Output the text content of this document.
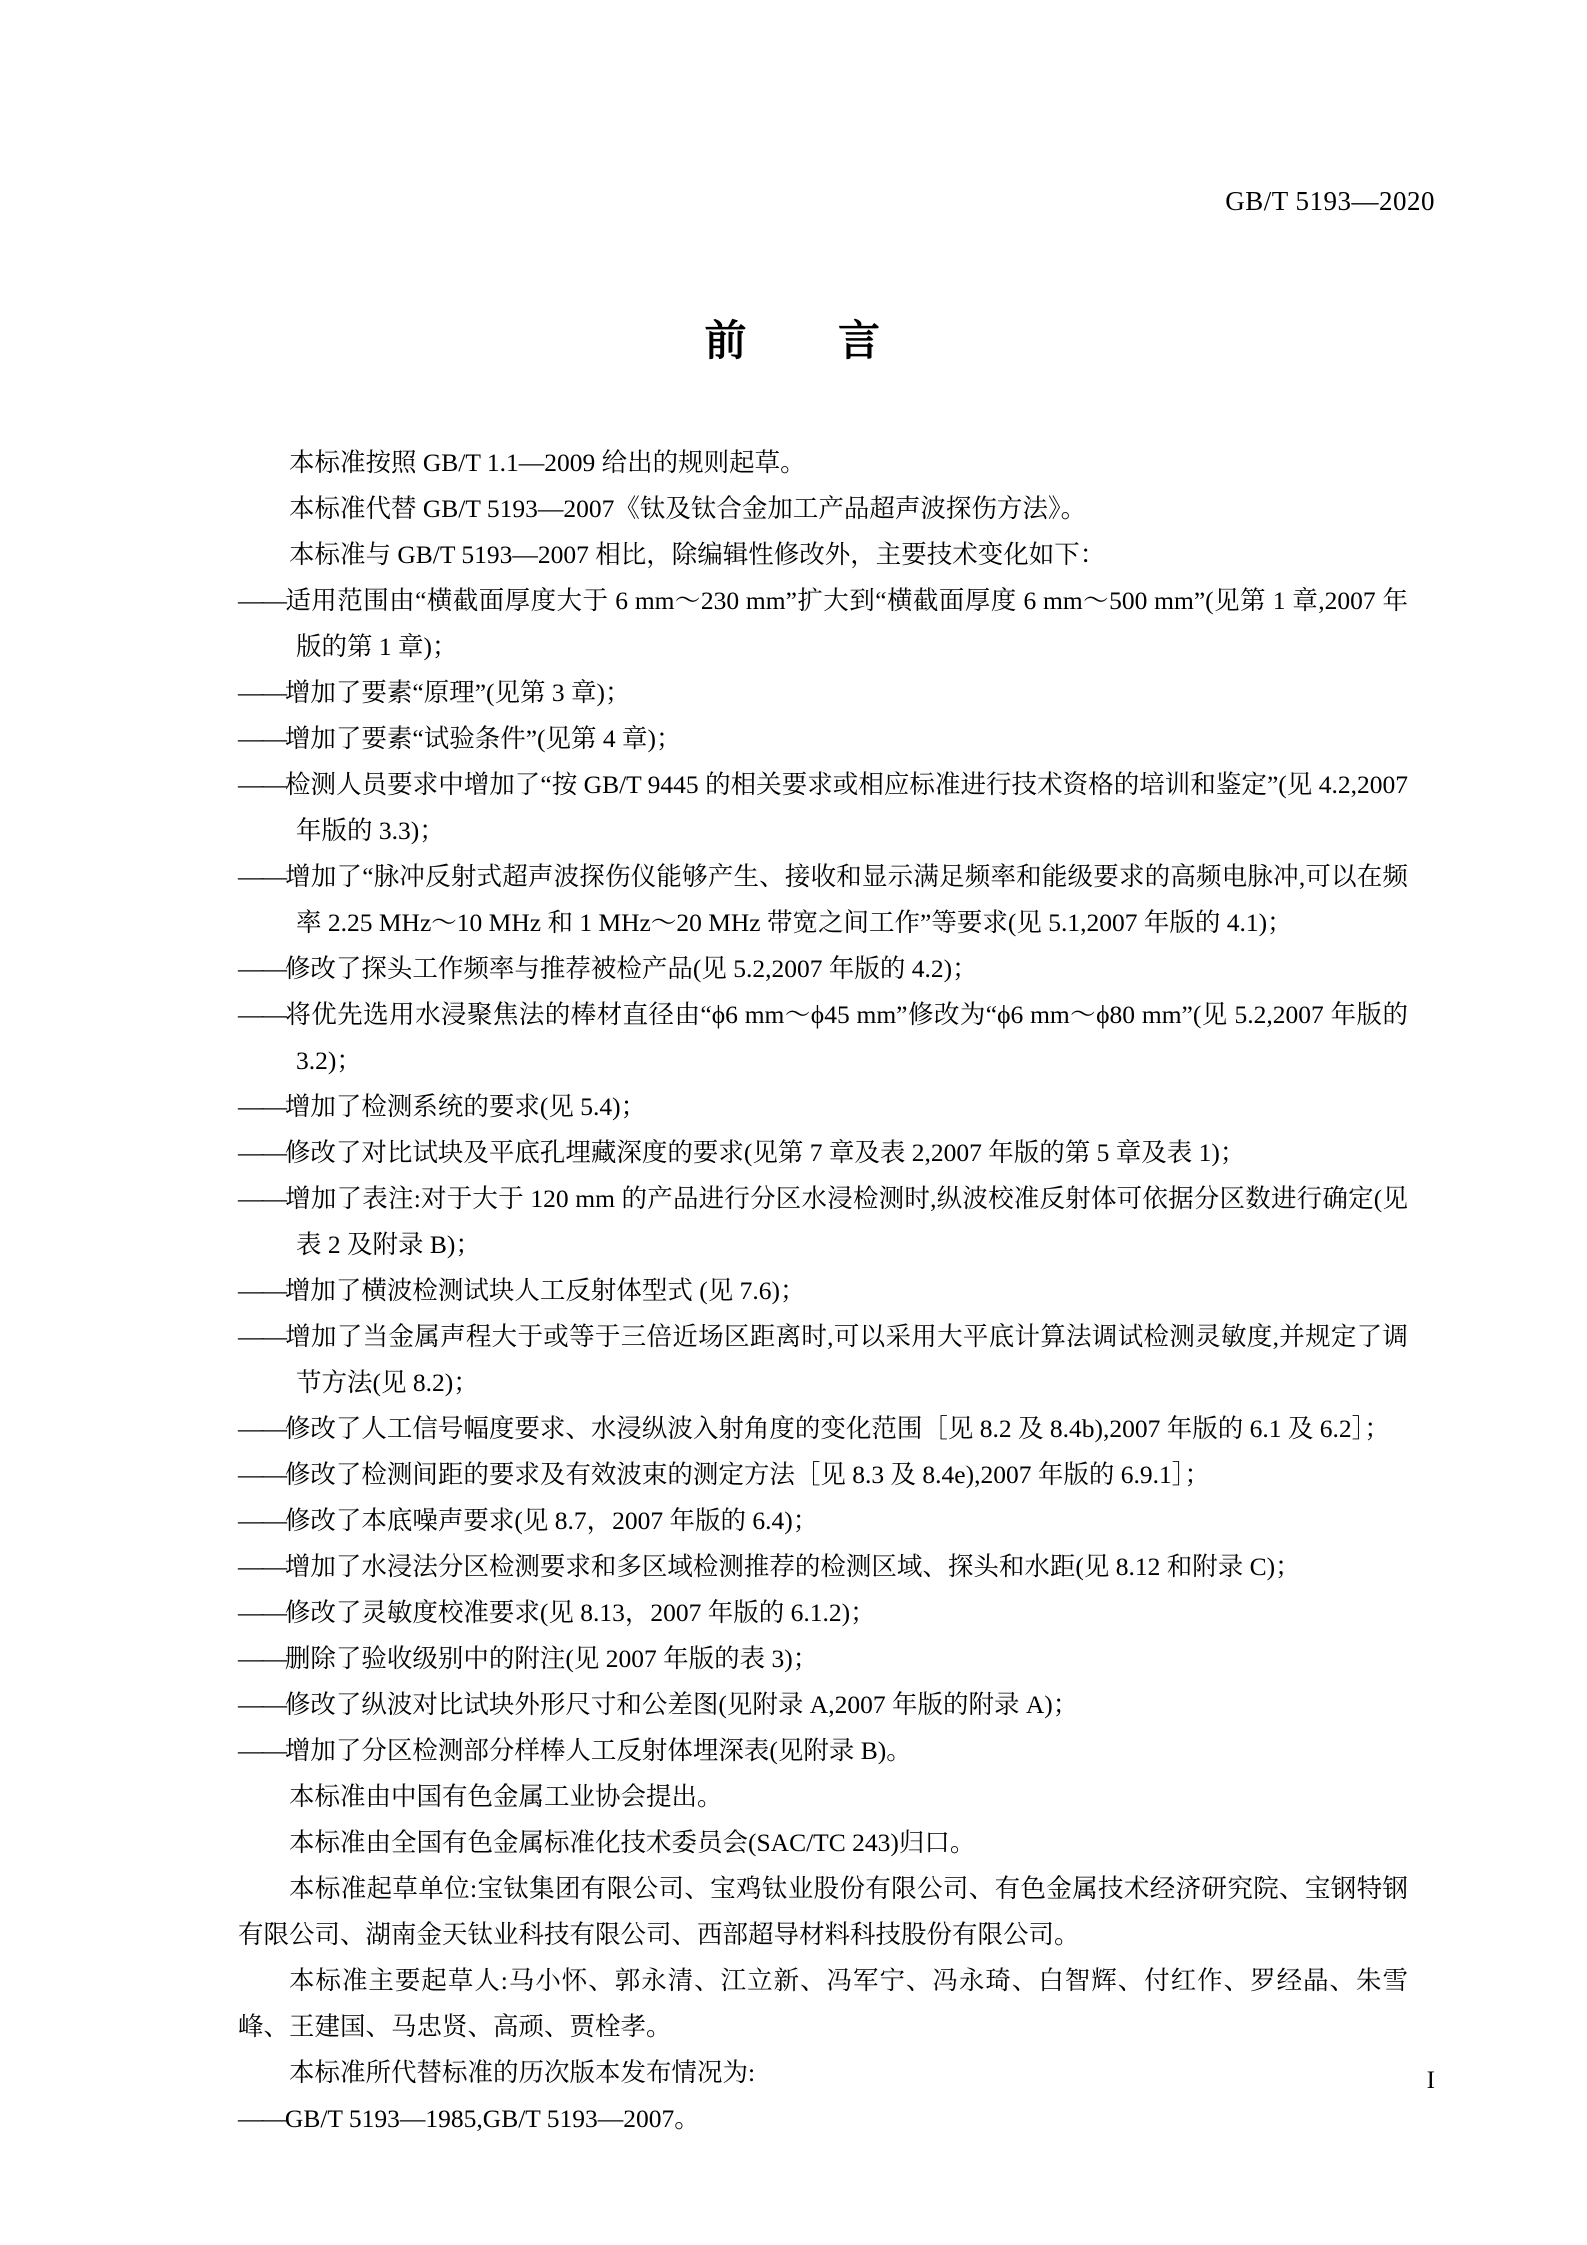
GB/T 5193—2020
前　　言

本标准按照 GB/T 1.1—2009 给出的规则起草。

本标准代替 GB/T 5193—2007《钛及钛合金加工产品超声波探伤方法》。

本标准与 GB/T 5193—2007 相比，除编辑性修改外，主要技术变化如下：

——适用范围由“横截面厚度大于 6 mm～230 mm”扩大到“横截面厚度 6 mm～500 mm”(见第 1 章,2007 年版的第 1 章)；

——增加了要素“原理”(见第 3 章)；

——增加了要素“试验条件”(见第 4 章)；

——检测人员要求中增加了“按 GB/T 9445 的相关要求或相应标准进行技术资格的培训和鉴定”(见 4.2,2007 年版的 3.3)；

——增加了“脉冲反射式超声波探伤仪能够产生、接收和显示满足频率和能级要求的高频电脉冲,可以在频率 2.25 MHz～10 MHz 和 1 MHz～20 MHz 带宽之间工作”等要求(见 5.1,2007 年版的 4.1)；

——修改了探头工作频率与推荐被检产品(见 5.2,2007 年版的 4.2)；

——将优先选用水浸聚焦法的棒材直径由“ϕ6 mm～ϕ45 mm”修改为“ϕ6 mm～ϕ80 mm”(见 5.2,2007 年版的 3.2)；

——增加了检测系统的要求(见 5.4)；

——修改了对比试块及平底孔埋藏深度的要求(见第 7 章及表 2,2007 年版的第 5 章及表 1)；

——增加了表注:对于大于 120 mm 的产品进行分区水浸检测时,纵波校准反射体可依据分区数进行确定(见表 2 及附录 B)；

——增加了横波检测试块人工反射体型式 (见 7.6)；

——增加了当金属声程大于或等于三倍近场区距离时,可以采用大平底计算法调试检测灵敏度,并规定了调节方法(见 8.2)；

——修改了人工信号幅度要求、水浸纵波入射角度的变化范围［见 8.2 及 8.4b),2007 年版的 6.1 及 6.2］；

——修改了检测间距的要求及有效波束的测定方法［见 8.3 及 8.4e),2007 年版的 6.9.1］；

——修改了本底噪声要求(见 8.7，2007 年版的 6.4)；

——增加了水浸法分区检测要求和多区域检测推荐的检测区域、探头和水距(见 8.12 和附录 C)；

——修改了灵敏度校准要求(见 8.13，2007 年版的 6.1.2)；

——删除了验收级别中的附注(见 2007 年版的表 3)；

——修改了纵波对比试块外形尺寸和公差图(见附录 A,2007 年版的附录 A)；

——增加了分区检测部分样棒人工反射体埋深表(见附录 B)。

本标准由中国有色金属工业协会提出。

本标准由全国有色金属标准化技术委员会(SAC/TC 243)归口。

本标准起草单位:宝钛集团有限公司、宝鸡钛业股份有限公司、有色金属技术经济研究院、宝钢特钢有限公司、湖南金天钛业科技有限公司、西部超导材料科技股份有限公司。

本标准主要起草人:马小怀、郭永清、江立新、冯军宁、冯永琦、白智辉、付红作、罗经晶、朱雪峰、王建国、马忠贤、高顽、贾栓孝。

本标准所代替标准的历次版本发布情况为:

——GB/T 5193—1985,GB/T 5193—2007。

I
